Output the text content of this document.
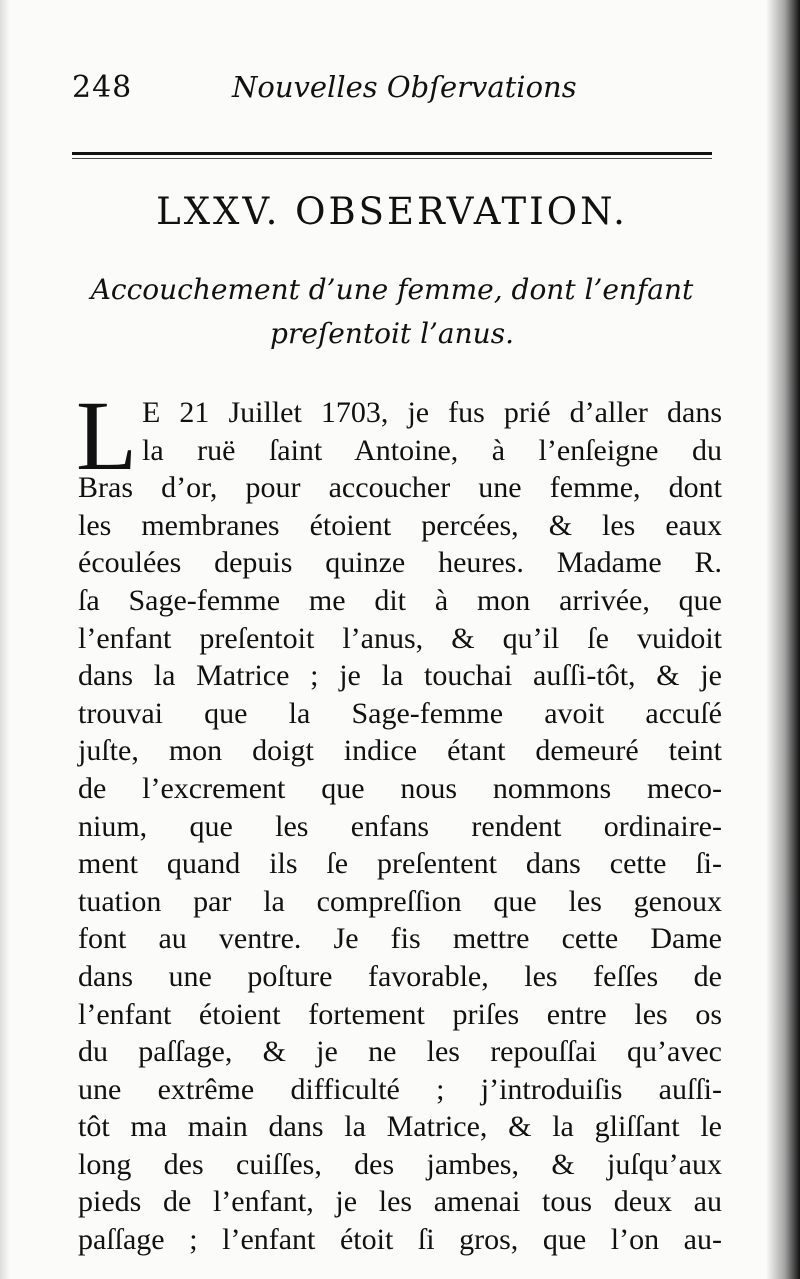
248	Nouvelles Obſervations
LXXV. OBSERVATION.
Accouchement d’une femme, dont l’enfant
preſentoit l’anus.
L E 21 Juillet 1703, je fus prié d’aller dans
la ruë ſaint Antoine, à l’enſeigne du
Bras d’or, pour accoucher une femme, dont
les membranes étoient percées, & les eaux
écoulées depuis quinze heures. Madame R.
ſa Sage-femme me dit à mon arrivée, que
l’enfant preſentoit l’anus, & qu’il ſe vuidoit
dans la Matrice ; je la touchai auſſi-tôt, & je
trouvai que la Sage-femme avoit accuſé
juſte, mon doigt indice étant demeuré teint
de l’excrement que nous nommons meco-
nium, que les enfans rendent ordinaire-
ment quand ils ſe preſentent dans cette ſi-
tuation par la compreſſion que les genoux
font au ventre. Je fis mettre cette Dame
dans une poſture favorable, les feſſes de
l’enfant étoient fortement priſes entre les os
du paſſage, & je ne les repouſſai qu’avec
une extrême difficulté ; j’introduiſis auſſi-
tôt ma main dans la Matrice, & la gliſſant le
long des cuiſſes, des jambes, & juſqu’aux
pieds de l’enfant, je les amenai tous deux au
paſſage ; l’enfant étoit ſi gros, que l’on au-
